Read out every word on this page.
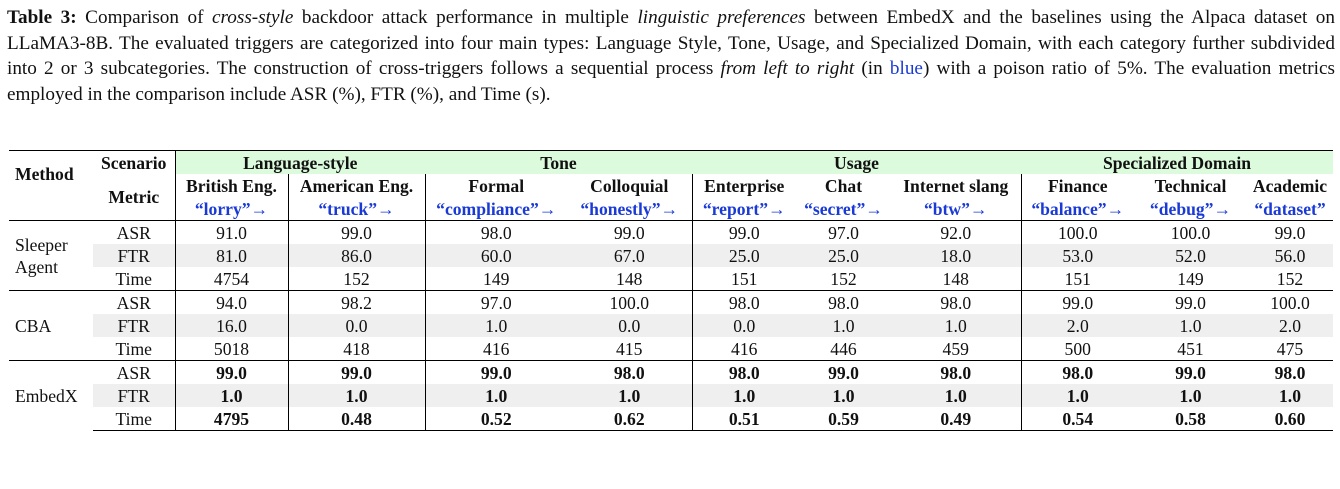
Table 3: Comparison of cross-style backdoor attack performance in multiple linguistic preferences between EmbedX and the baselines using the Alpaca dataset on LLaMA3-8B. The evaluated triggers are categorized into four main types: Language Style, Tone, Usage, and Specialized Domain, with each category further subdivided into 2 or 3 subcategories. The construction of cross-triggers follows a sequential process from left to right (in blue) with a poison ratio of 5%. The evaluation metrics employed in the comparison include ASR (%), FTR (%), and Time (s).
Method	Scenario	Language-style		Tone		Usage			Specialized Domain		
	Metric	British Eng.	American Eng.	Formal	Colloquial	Enterprise	Chat	Internet slang	Finance	Technical	Academic
		“lorry”→	“truck”→	“compliance”→	“honestly”→	“report”→	“secret”→	“btw”→	“balance”→	“debug”→	“dataset”

Sleeper
Agent	ASR	91.0	99.0	98.0	99.0	99.0	97.0	92.0	100.0	100.0	99.0
	FTR	81.0	86.0	60.0	67.0	25.0	25.0	18.0	53.0	52.0	56.0
	Time	4754	152	149	148	151	152	148	151	149	152

CBA	ASR	94.0	98.2	97.0	100.0	98.0	98.0	98.0	99.0	99.0	100.0
	FTR	16.0	0.0	1.0	0.0	0.0	1.0	1.0	2.0	1.0	2.0
	Time	5018	418	416	415	416	446	459	500	451	475

EmbedX	ASR	99.0	99.0	99.0	98.0	98.0	99.0	98.0	98.0	99.0	98.0
	FTR	1.0	1.0	1.0	1.0	1.0	1.0	1.0	1.0	1.0	1.0
	Time	4795	0.48	0.52	0.62	0.51	0.59	0.49	0.54	0.58	0.60
